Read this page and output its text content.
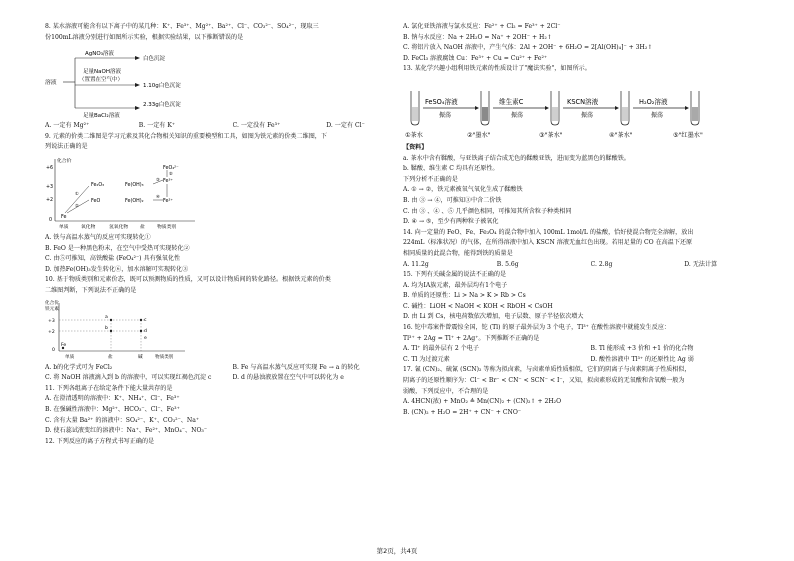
8. 某水溶液可能含有以下离子中的某几种：K⁺、Fe³⁺、Mg²⁺、Ba²⁺、Cl⁻、CO₃²⁻、SO₄²⁻，现取三
份100mL溶液分别进行如图所示实验，根据实验结果，以下推断错误的是
溶液
AgNO₃溶液
白色沉淀
足量NaOH溶液
（置置在空气中）
1.10g白色沉淀
2.33g白色沉淀
足量BaCl₂溶液
A. 一定有 Mg²⁺	B. 一定有 K⁺	C. 一定没有 Fe³⁺	D. 一定有 Cl⁻
9. 元素的价类二维图是学习元素及其化合物相关知识的重要模型和工具，如图为铁元素的价类二维图，下
列说法正确的是
化合价
+6
+3
+2
0
FeO₄²⁻
Fe₂O₃	Fe(OH)₃
Fe³⁺
FeO	Fe(OH)₂	Fe²⁺
Fe
①
②
③
④
⑤
单质	氧化物	氢氧化物 盐	物质类别
A. 铁与高温水蒸气的反应可实现转化①
B. FeO 是一种黑色粉末，在空气中受热可实现转化②
C. 由⑤可推知，高铁酸盐 (FeO₄²⁻) 具有强氧化性
D. 加热Fe(OH)₃发生转化⑥，加水溶解可实现转化③
10. 基于物质类别和元素价态，既可以预测物质的性质，又可以设计物质间的转化路径。根据铁元素的价类
二维图判断，下列说法不正确的是
化合价
铁元素
+3
+2
0
a
b
c
d
e
Fe
单质	盐	碱	物质类别
A. b的化学式可为 FeCl₂	B. Fe 与高温水蒸气反应可实现 Fe → a 的转化
C. 将 NaOH 溶液滴入到 b 的溶液中，可以实现红褐色沉淀 c	D. d 的悬浊液放置在空气中可以转化为 e
11. 下列各组离子在给定条件下能大量共存的是
A. 在澄清透明的溶液中：K⁺、NH₄⁺、Cl⁻、Fe³⁺
B. 在强碱性溶液中：Mg²⁺、HCO₃⁻、Cl⁻、Fe³⁺
C. 含有大量 Ba²⁺ 的溶液中：SO₄²⁻、K⁺、CO₃²⁻、Na⁺
D. 使石蕊试液变红的溶液中：Na⁺、Fe²⁺、MnO₄⁻、NO₃⁻
12. 下列反应的离子方程式书写正确的是
A. 氯化亚铁溶液与氯水反应：Fe²⁺ + Cl₂ = Fe³⁺ + 2Cl⁻
B. 钠与水反应：Na + 2H₂O = Na⁺ + 2OH⁻ + H₂↑
C. 将铝片放入 NaOH 溶液中，产生气体：2Al + 2OH⁻ + 6H₂O = 2[Al(OH)₄]⁻ + 3H₂↑
D. FeCl₃ 溶液腐蚀 Cu：Fe³⁺ + Cu = Cu²⁺ + Fe²⁺
13. 某化学兴趣小组利用铁元素的性质设计了"魔法实验"，如图所示。
FeSO₄溶液	维生素C	KSCN溶液	H₂O₂溶液
振荡	振荡	振荡	振荡
①茶水	②"墨水"	③"茶水"	④"茶水"	⑤"红墨水"
【资料】
a. 茶水中含有鞣酸，与亚铁离子结合成无色的鞣酸亚铁，进而变为蓝黑色的鞣酸铁。
b. 鞣酸、维生素 C 均具有还原性。
下列分析不正确的是
A. ① → ②，铁元素被氧气氧化生成了鞣酸铁
B. 由 ③ → ④，可推知③中含二价铁
C. 由 ③ 、④ 、⑤ 几乎颜色相同，可推知其所含粒子种类相同
D. ④ → ⑤，至少有两种粒子被氧化
14. 向一定量的 FeO、Fe、Fe₃O₄ 的混合物中加入 100mL 1mol/L 的盐酸，恰好使混合物完全溶解，放出
224mL（标准状况）的气体，在所得溶液中加入 KSCN 溶液无血红色出现。若用足量的 CO 在高温下还原
相同质量的此混合物，能得到铁的质量是
A. 11.2g	B. 5.6g	C. 2.8g	D. 无法计算
15. 下列有关碱金属的说法不正确的是
A. 均为IA族元素，最外层均有1个电子
B. 单质的还原性：Li > Na > K > Rb > Cs
C. 碱性：LiOH < NaOH < KOH < RbOH < CsOH
D. 由 Li 到 Cs，核电荷数依次增加，电子层数、原子半径依次增大
16. 铊中毒案件曾震惊全国，铊 (Tl) 的原子最外层为 3 个电子，Tl³⁺ 在酸性溶液中就能发生反应：
Tl³⁺ + 2Ag = Tl⁺ + 2Ag⁺。下列推断不正确的是
A. Tl⁺ 的最外层有 2 个电子	B. Tl 能形成 +3 价和 +1 价的化合物
C. Tl 为过渡元素	D. 酸性溶液中 Tl³⁺ 的还原性比 Ag 弱
17. 氰 (CN)₂、硫氰 (SCN)₂ 等称为拟卤素，与卤素单质性质相似，它们的阴离子与卤素阴离子性质相似，
阴离子的还原性顺序为：Cl⁻ < Br⁻ < CN⁻ < SCN⁻ < I⁻，又知，拟卤素形成的无氧酸和含氧酸一般为
弱酸，下列反应中，不合理的是
A. 4HCN(浓) + MnO₂ ≜ Mn(CN)₂ + (CN)₂↑ + 2H₂O
B. (CN)₂ + H₂O = 2H⁺ + CN⁻ + CNO⁻
第2页，共4页
